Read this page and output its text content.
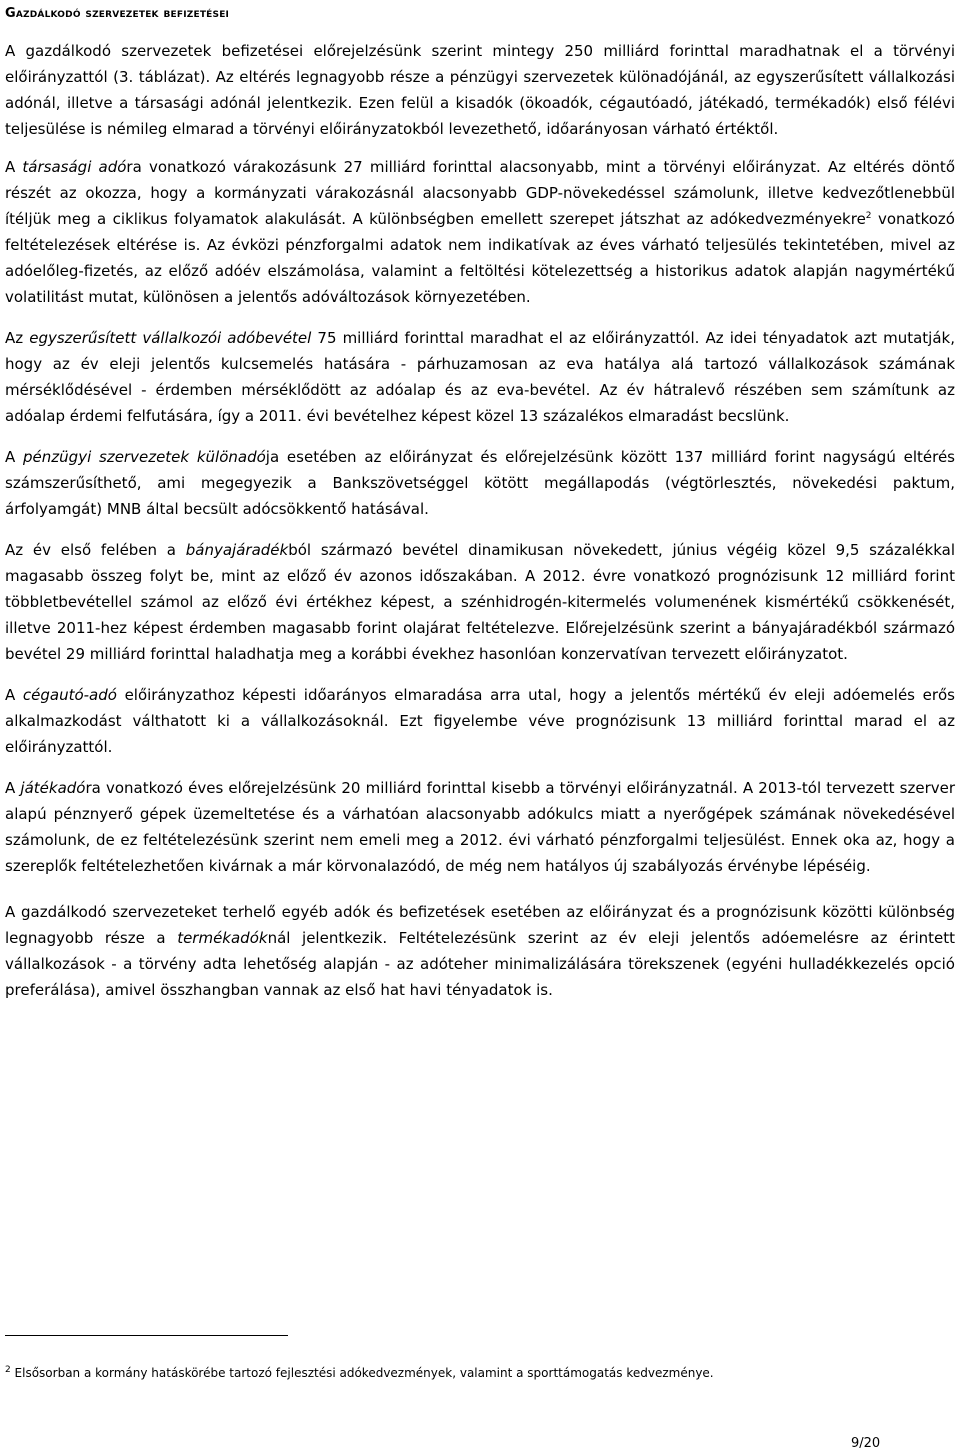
Gazdálkodó szervezetek befizetései

A gazdálkodó szervezetek befizetései előrejelzésünk szerint mintegy 250 milliárd forinttal maradhatnak el a törvényi előirányzattól (3. táblázat). Az eltérés legnagyobb része a pénzügyi szervezetek különadójánál, az egyszerűsített vállalkozási adónál, illetve a társasági adónál jelentkezik. Ezen felül a kisadók (ökoadók, cégautóadó, játékadó, termékadók) első félévi teljesülése is némileg elmarad a törvényi előirányzatokból levezethető, időarányosan várható értéktől.

A társasági adóra vonatkozó várakozásunk 27 milliárd forinttal alacsonyabb, mint a törvényi előirányzat. Az eltérés döntő részét az okozza, hogy a kormányzati várakozásnál alacsonyabb GDP-növekedéssel számolunk, illetve kedvezőtlenebbül ítéljük meg a ciklikus folyamatok alakulását. A különbségben emellett szerepet játszhat az adókedvezményekre$^2$ vonatkozó feltételezések eltérése is. Az évközi pénzforgalmi adatok nem indikatívak az éves várható teljesülés tekintetében, mivel az adóelőleg-fizetés, az előző adóév elszámolása, valamint a feltöltési kötelezettség a historikus adatok alapján nagymértékű volatilitást mutat, különösen a jelentős adóváltozások környezetében.

Az egyszerűsített vállalkozói adóbevétel 75 milliárd forinttal maradhat el az előirányzattól. Az idei tényadatok azt mutatják, hogy az év eleji jelentős kulcsemelés hatására - párhuzamosan az eva hatálya alá tartozó vállalkozások számának mérséklődésével - érdemben mérséklődött az adóalap és az eva-bevétel. Az év hátralevő részében sem számítunk az adóalap érdemi felfutására, így a 2011. évi bevételhez képest közel 13 százalékos elmaradást becslünk.

A pénzügyi szervezetek különadója esetében az előirányzat és előrejelzésünk között 137 milliárd forint nagyságú eltérés számszerűsíthető, ami megegyezik a Bankszövetséggel kötött megállapodás (végtörlesztés, növekedési paktum, árfolyamgát) MNB által becsült adócsökkentő hatásával.

Az év első felében a bányajáradékból származó bevétel dinamikusan növekedett, június végéig közel 9,5 százalékkal magasabb összeg folyt be, mint az előző év azonos időszakában. A 2012. évre vonatkozó prognózisunk 12 milliárd forint többletbevétellel számol az előző évi értékhez képest, a szénhidrogén-kitermelés volumenének kismértékű csökkenését, illetve 2011-hez képest érdemben magasabb forint olajárat feltételezve. Előrejelzésünk szerint a bányajáradékból származó bevétel 29 milliárd forinttal haladhatja meg a korábbi évekhez hasonlóan konzervatívan tervezett előirányzatot.

A cégautó-adó előirányzathoz képesti időarányos elmaradása arra utal, hogy a jelentős mértékű év eleji adóemelés erős alkalmazkodást válthatott ki a vállalkozásoknál. Ezt figyelembe véve prognózisunk 13 milliárd forinttal marad el az előirányzattól.

A játékadóra vonatkozó éves előrejelzésünk 20 milliárd forinttal kisebb a törvényi előirányzatnál. A 2013-tól tervezett szerver alapú pénznyerő gépek üzemeltetése és a várhatóan alacsonyabb adókulcs miatt a nyerőgépek számának növekedésével számolunk, de ez feltételezésünk szerint nem emeli meg a 2012. évi várható pénzforgalmi teljesülést. Ennek oka az, hogy a szereplők feltételezhetően kivárnak a már körvonalazódó, de még nem hatályos új szabályozás érvénybe lépéséig.

A gazdálkodó szervezeteket terhelő egyéb adók és befizetések esetében az előirányzat és a prognózisunk közötti különbség legnagyobb része a termékadóknál jelentkezik. Feltételezésünk szerint az év eleji jelentős adóemelésre az érintett vállalkozások - a törvény adta lehetőség alapján - az adóteher minimalizálására törekszenek (egyéni hulladékkezelés opció preferálása), amivel összhangban vannak az első hat havi tényadatok is.

$^2$ Elsősorban a kormány hatáskörébe tartozó fejlesztési adókedvezmények, valamint a sporttámogatás kedvezménye.
9/20
